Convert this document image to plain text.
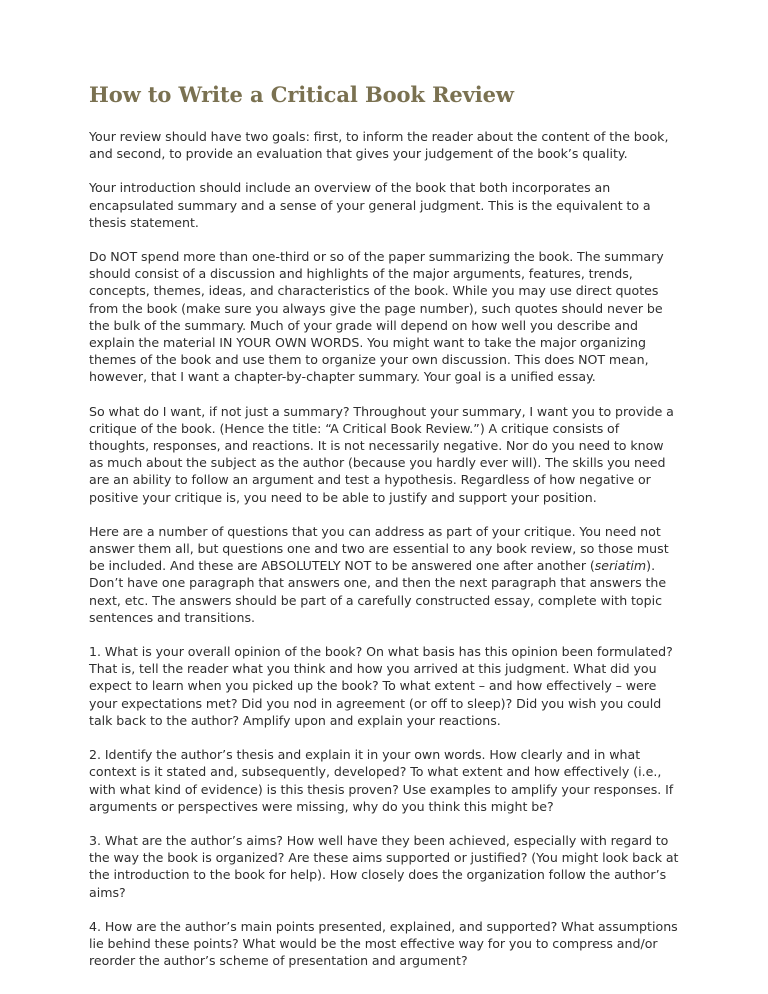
How to Write a Critical Book Review

Your review should have two goals: first, to inform the reader about the content of the book, and second, to provide an evaluation that gives your judgement of the book’s quality.

Your introduction should include an overview of the book that both incorporates an encapsulated summary and a sense of your general judgment. This is the equivalent to a thesis statement.

Do NOT spend more than one-third or so of the paper summarizing the book. The summary should consist of a discussion and highlights of the major arguments, features, trends, concepts, themes, ideas, and characteristics of the book. While you may use direct quotes from the book (make sure you always give the page number), such quotes should never be the bulk of the summary. Much of your grade will depend on how well you describe and explain the material IN YOUR OWN WORDS. You might want to take the major organizing themes of the book and use them to organize your own discussion. This does NOT mean, however, that I want a chapter-by-chapter summary. Your goal is a unified essay.

So what do I want, if not just a summary? Throughout your summary, I want you to provide a critique of the book. (Hence the title: “A Critical Book Review.”) A critique consists of thoughts, responses, and reactions. It is not necessarily negative. Nor do you need to know as much about the subject as the author (because you hardly ever will). The skills you need are an ability to follow an argument and test a hypothesis. Regardless of how negative or positive your critique is, you need to be able to justify and support your position.

Here are a number of questions that you can address as part of your critique. You need not answer them all, but questions one and two are essential to any book review, so those must be included. And these are ABSOLUTELY NOT to be answered one after another (seriatim). Don’t have one paragraph that answers one, and then the next paragraph that answers the next, etc. The answers should be part of a carefully constructed essay, complete with topic sentences and transitions.

1. What is your overall opinion of the book? On what basis has this opinion been formulated? That is, tell the reader what you think and how you arrived at this judgment. What did you expect to learn when you picked up the book? To what extent – and how effectively – were your expectations met? Did you nod in agreement (or off to sleep)? Did you wish you could talk back to the author? Amplify upon and explain your reactions.

2. Identify the author’s thesis and explain it in your own words. How clearly and in what context is it stated and, subsequently, developed? To what extent and how effectively (i.e., with what kind of evidence) is this thesis proven? Use examples to amplify your responses. If arguments or perspectives were missing, why do you think this might be?

3. What are the author’s aims? How well have they been achieved, especially with regard to the way the book is organized? Are these aims supported or justified? (You might look back at the introduction to the book for help). How closely does the organization follow the author’s aims?

4. How are the author’s main points presented, explained, and supported? What assumptions lie behind these points? What would be the most effective way for you to compress and/or reorder the author’s scheme of presentation and argument?
